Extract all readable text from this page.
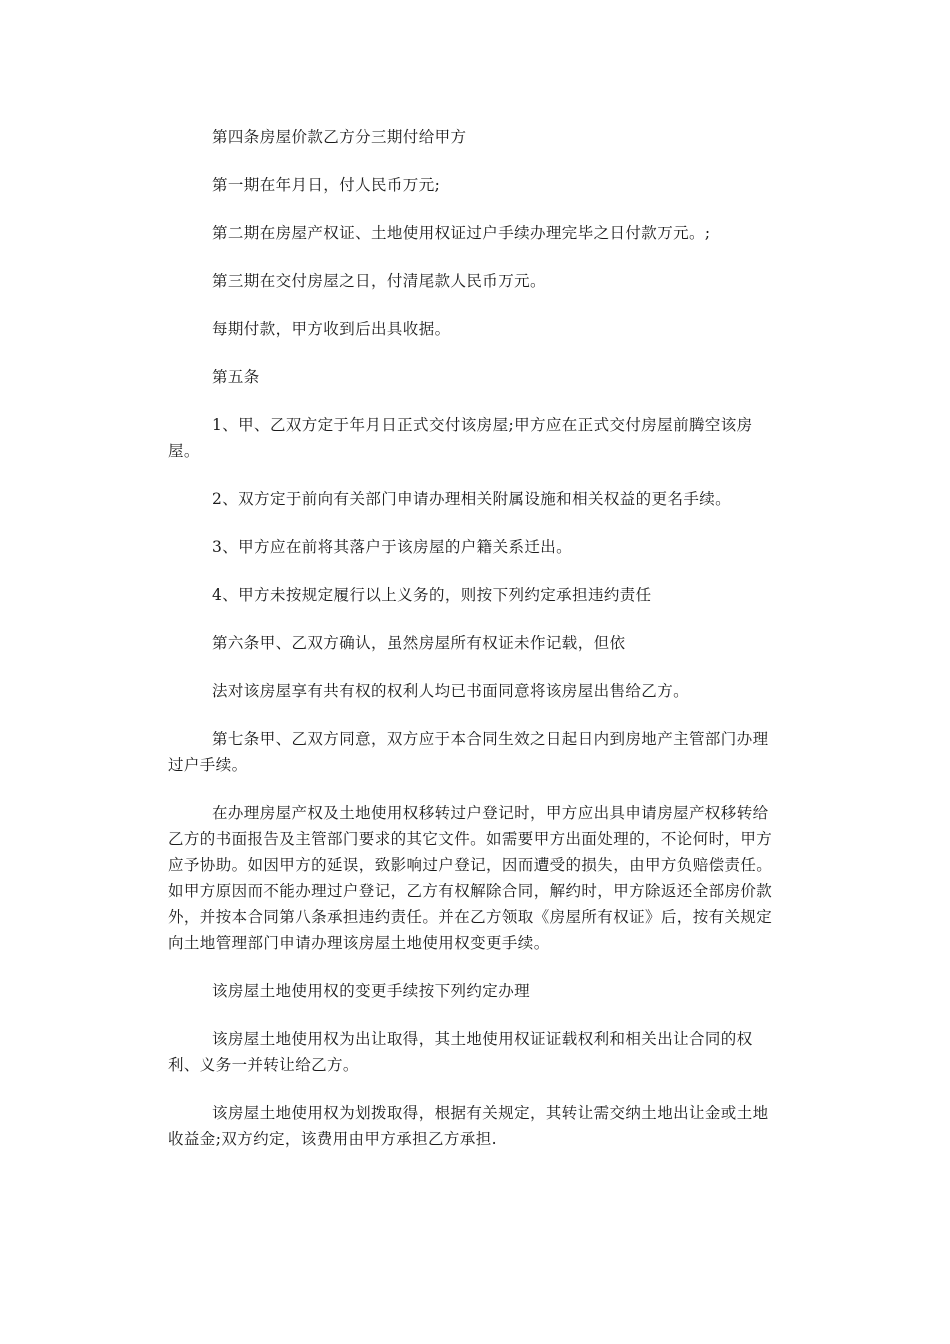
第四条房屋价款乙方分三期付给甲方

第一期在年月日，付人民币万元;

第二期在房屋产权证、土地使用权证过户手续办理完毕之日付款万元。;

第三期在交付房屋之日，付清尾款人民币万元。

每期付款，甲方收到后出具收据。

第五条

1、甲、乙双方定于年月日正式交付该房屋;甲方应在正式交付房屋前腾空该房屋。

2、双方定于前向有关部门申请办理相关附属设施和相关权益的更名手续。

3、甲方应在前将其落户于该房屋的户籍关系迁出。

4、甲方未按规定履行以上义务的，则按下列约定承担违约责任

第六条甲、乙双方确认，虽然房屋所有权证未作记载，但依

法对该房屋享有共有权的权利人均已书面同意将该房屋出售给乙方。

第七条甲、乙双方同意，双方应于本合同生效之日起日内到房地产主管部门办理过户手续。

在办理房屋产权及土地使用权移转过户登记时，甲方应出具申请房屋产权移转给乙方的书面报告及主管部门要求的其它文件。如需要甲方出面处理的，不论何时，甲方应予协助。如因甲方的延误，致影响过户登记，因而遭受的损失，由甲方负赔偿责任。如甲方原因而不能办理过户登记，乙方有权解除合同，解约时，甲方除返还全部房价款外，并按本合同第八条承担违约责任。并在乙方领取《房屋所有权证》后，按有关规定向土地管理部门申请办理该房屋土地使用权变更手续。

该房屋土地使用权的变更手续按下列约定办理

该房屋土地使用权为出让取得，其土地使用权证证载权利和相关出让合同的权利、义务一并转让给乙方。

该房屋土地使用权为划拨取得，根据有关规定，其转让需交纳土地出让金或土地收益金;双方约定，该费用由甲方承担乙方承担.
